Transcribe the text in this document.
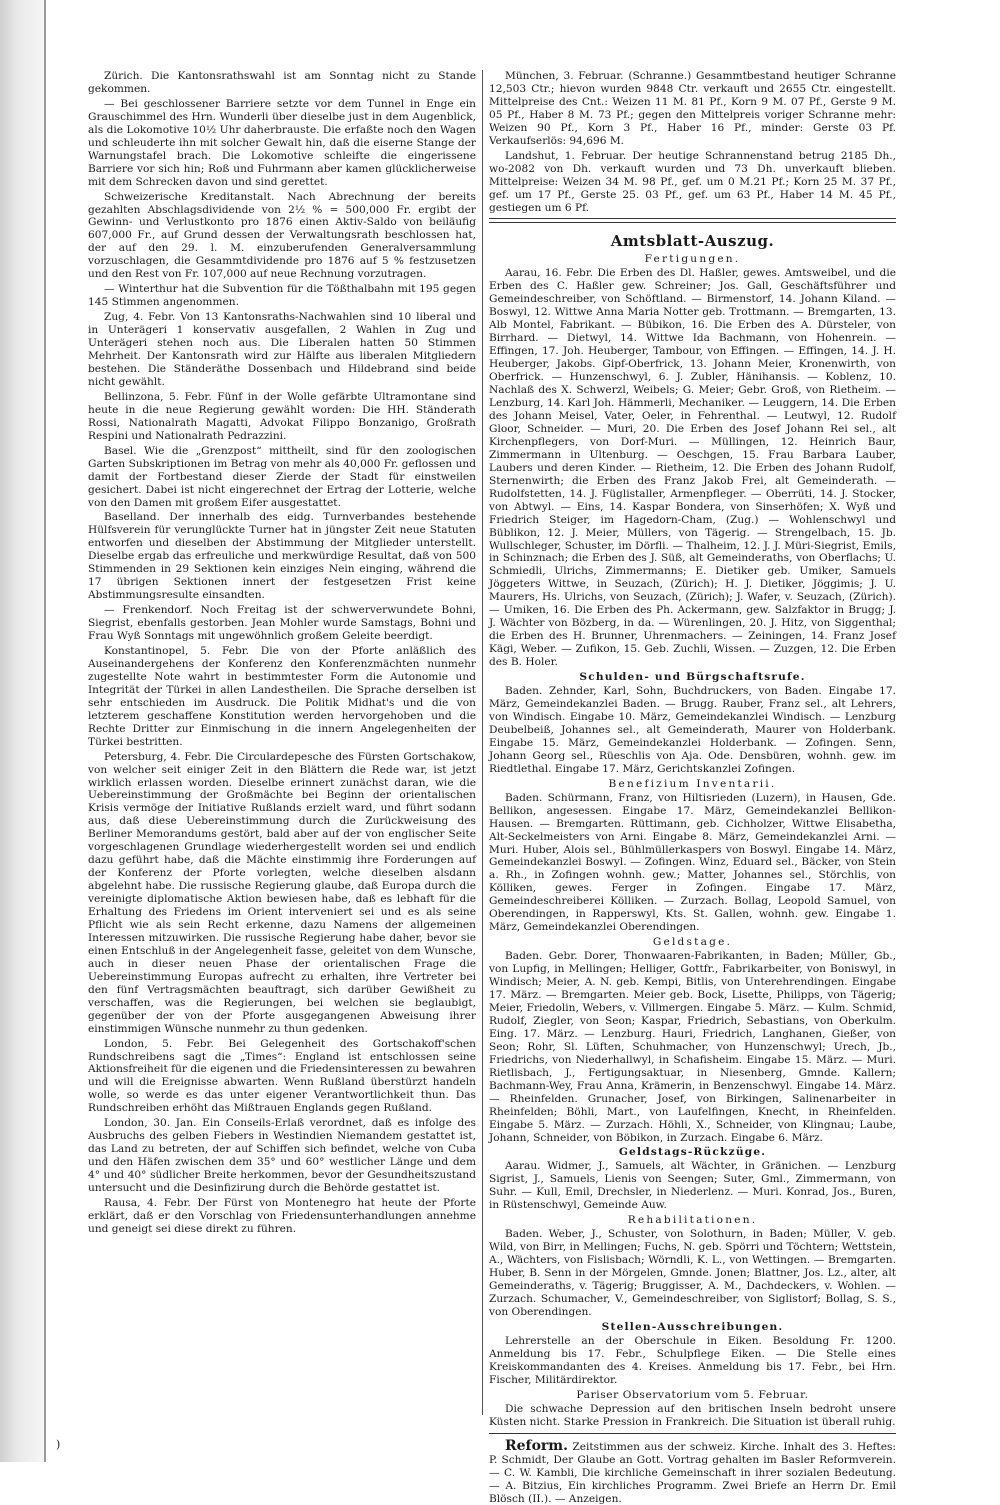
Zürich. Die Kantonsrathswahl ist am Sonntag nicht zu Stande gekommen.

— Bei geschlossener Barriere setzte vor dem Tunnel in Enge ein Grauschimmel des Hrn. Wunderli über dieselbe just in dem Augenblick, als die Lokomotive 10½ Uhr daherbrauste. Die erfaßte noch den Wagen und schleuderte ihn mit solcher Gewalt hin, daß die eiserne Stange der Warnungstafel brach. Die Lokomotive schleifte die eingerissene Barriere vor sich hin; Roß und Fuhrmann aber kamen glücklicherweise mit dem Schrecken davon und sind gerettet.

Schweizerische Kreditanstalt. Nach Abrechnung der bereits gezahlten Abschlagsdividende von 2½ % = 500,000 Fr. ergibt der Gewinn- und Verlustkonto pro 1876 einen Aktiv-Saldo von beiläufig 607,000 Fr., auf Grund dessen der Verwaltungsrath beschlossen hat, der auf den 29. l. M. einzuberufenden Generalversammlung vorzuschlagen, die Gesammtdividende pro 1876 auf 5 % festzusetzen und den Rest von Fr. 107,000 auf neue Rechnung vorzutragen.

— Winterthur hat die Subvention für die Tößthalbahn mit 195 gegen 145 Stimmen angenommen.

Zug, 4. Febr. Von 13 Kantonsraths-Nachwahlen sind 10 liberal und in Unterägeri 1 konservativ ausgefallen, 2 Wahlen in Zug und Unterägeri stehen noch aus. Die Liberalen hatten 50 Stimmen Mehrheit. Der Kantonsrath wird zur Hälfte aus liberalen Mitgliedern bestehen. Die Ständeräthe Dossenbach und Hildebrand sind beide nicht gewählt.

Bellinzona, 5. Febr. Fünf in der Wolle gefärbte Ultramontane sind heute in die neue Regierung gewählt worden: Die HH. Ständerath Rossi, Nationalrath Magatti, Advokat Filippo Bonzanigo, Großrath Respini und Nationalrath Pedrazzini.

Basel. Wie die „Grenzpost“ mittheilt, sind für den zoologischen Garten Subskriptionen im Betrag von mehr als 40,000 Fr. geflossen und damit der Fortbestand dieser Zierde der Stadt für einstweilen gesichert. Dabei ist nicht eingerechnet der Ertrag der Lotterie, welche von den Damen mit großem Eifer ausgestattet.

Baselland. Der innerhalb des eidg. Turnverbandes bestehende Hülfsverein für verunglückte Turner hat in jüngster Zeit neue Statuten entworfen und dieselben der Abstimmung der Mitglieder unterstellt. Dieselbe ergab das erfreuliche und merkwürdige Resultat, daß von 500 Stimmenden in 29 Sektionen kein einziges Nein einging, während die 17 übrigen Sektionen innert der festgesetzen Frist keine Abstimmungsresulte einsandten.

— Frenkendorf. Noch Freitag ist der schwerverwundete Bohni, Siegrist, ebenfalls gestorben. Jean Mohler wurde Samstags, Bohni und Frau Wyß Sonntags mit ungewöhnlich großem Geleite beerdigt.

Konstantinopel, 5. Febr. Die von der Pforte anläßlich des Auseinandergehens der Konferenz den Konferenzmächten nunmehr zugestellte Note wahrt in bestimmtester Form die Autonomie und Integrität der Türkei in allen Landestheilen. Die Sprache derselben ist sehr entschieden im Ausdruck. Die Politik Midhat's und die von letzterem geschaffene Konstitution werden hervorgehoben und die Rechte Dritter zur Einmischung in die innern Angelegenheiten der Türkei bestritten.

Petersburg, 4. Febr. Die Circulardepesche des Fürsten Gortschakow, von welcher seit einiger Zeit in den Blättern die Rede war, ist jetzt wirklich erlassen worden. Dieselbe erinnert zunächst daran, wie die Uebereinstimmung der Großmächte bei Beginn der orientalischen Krisis vermöge der Initiative Rußlands erzielt ward, und führt sodann aus, daß diese Uebereinstimmung durch die Zurückweisung des Berliner Memorandums gestört, bald aber auf der von englischer Seite vorgeschlagenen Grundlage wiederhergestellt worden sei und endlich dazu geführt habe, daß die Mächte einstimmig ihre Forderungen auf der Konferenz der Pforte vorlegten, welche dieselben alsdann abgelehnt habe. Die russische Regierung glaube, daß Europa durch die vereinigte diplomatische Aktion bewiesen habe, daß es lebhaft für die Erhaltung des Friedens im Orient interveniert sei und es als seine Pflicht wie als sein Recht erkenne, dazu Namens der allgemeinen Interessen mitzuwirken. Die russische Regierung habe daher, bevor sie einen Entschluß in der Angelegenheit fasse, geleitet von dem Wunsche, auch in dieser neuen Phase der orientalischen Frage die Uebereinstimmung Europas aufrecht zu erhalten, ihre Vertreter bei den fünf Vertragsmächten beauftragt, sich darüber Gewißheit zu verschaffen, was die Regierungen, bei welchen sie beglaubigt, gegenüber der von der Pforte ausgegangenen Abweisung ihrer einstimmigen Wünsche nunmehr zu thun gedenken.

London, 5. Febr. Bei Gelegenheit des Gortschakoff'schen Rundschreibens sagt die „Times“: England ist entschlossen seine Aktionsfreiheit für die eigenen und die Friedensinteressen zu bewahren und will die Ereignisse abwarten. Wenn Rußland überstürzt handeln wolle, so werde es das unter eigener Verantwortlichkeit thun. Das Rundschreiben erhöht das Mißtrauen Englands gegen Rußland.

London, 30. Jan. Ein Conseils-Erlaß verordnet, daß es infolge des Ausbruchs des gelben Fiebers in Westindien Niemandem gestattet ist, das Land zu betreten, der auf Schiffen sich befindet, welche von Cuba und den Häfen zwischen dem 35° und 60° westlicher Länge und dem 4° und 40° südlicher Breite herkommen, bevor der Gesundheitszustand untersucht und die Desinfizirung durch die Behörde gestattet ist.

Rausa, 4. Febr. Der Fürst von Montenegro hat heute der Pforte erklärt, daß er den Vorschlag von Friedensunterhandlungen annehme und geneigt sei diese direkt zu führen.

München, 3. Februar. (Schranne.) Gesammtbestand heutiger Schranne 12,503 Ctr.; hievon wurden 9848 Ctr. verkauft und 2655 Ctr. eingestellt. Mittelpreise des Cnt.: Weizen 11 M. 81 Pf., Korn 9 M. 07 Pf., Gerste 9 M. 05 Pf., Haber 8 M. 73 Pf.; gegen den Mittelpreis voriger Schranne mehr: Weizen 90 Pf., Korn 3 Pf., Haber 16 Pf., minder: Gerste 03 Pf. Verkaufserlös: 94,696 M.

Landshut, 1. Februar. Der heutige Schrannenstand betrug 2185 Dh., wo-2082 von Dh. verkauft wurden und 73 Dh. unverkauft blieben. Mittelpreise: Weizen 34 M. 98 Pf., gef. um 0 M.21 Pf.; Korn 25 M. 37 Pf., gef. um 17 Pf., Gerste 25. 03 Pf., gef. um 63 Pf., Haber 14 M. 45 Pf., gestiegen um 6 Pf.

Amtsblatt-Auszug.
Fertigungen.

Aarau, 16. Febr. Die Erben des Dl. Haßler, gewes. Amtsweibel, und die Erben des C. Haßler gew. Schreiner; Jos. Gall, Geschäftsführer und Gemeindeschreiber, von Schöftland. — Birmenstorf, 14. Johann Kiland. — Boswyl, 12. Wittwe Anna Maria Notter geb. Trottmann. — Bremgarten, 13. Alb Montel, Fabrikant. — Bübikon, 16. Die Erben des A. Dürsteler, von Birrhard. — Dietwyl, 14. Wittwe Ida Bachmann, von Hohenrein. — Effingen, 17. Joh. Heuberger, Tambour, von Effingen. — Effingen, 14. J. H. Heuberger, Jakobs. Gipf-Oberfrick, 13. Johann Meier, Kronenwirth, von Oberfrick. — Hunzenschwyl, 6. J. Zubler, Hänihansis. — Koblenz, 10. Nachlaß des X. Schwerzl, Weibels; G. Meier; Gebr. Groß, von Rietheim. — Lenzburg, 14. Karl Joh. Hämmerli, Mechaniker. — Leuggern, 14. Die Erben des Johann Meisel, Vater, Oeler, in Fehrenthal. — Leutwyl, 12. Rudolf Gloor, Schneider. — Muri, 20. Die Erben des Josef Johann Rei sel., alt Kirchenpflegers, von Dorf-Muri. — Müllingen, 12. Heinrich Baur, Zimmermann in Ultenburg. — Oeschgen, 15. Frau Barbara Lauber, Laubers und deren Kinder. — Rietheim, 12. Die Erben des Johann Rudolf, Sternenwirth; die Erben des Franz Jakob Frei, alt Gemeinderath. — Rudolfstetten, 14. J. Füglistaller, Armenpfleger. — Oberrüti, 14. J. Stocker, von Abtwyl. — Eins, 14. Kaspar Bondera, von Sinserhöfen; X. Wyß und Friedrich Steiger, im Hagedorn-Cham, (Zug.) — Wohlenschwyl und Büblikon, 12. J. Meier, Müllers, von Tägerig. — Strengelbach, 15. Jb. Wullschleger, Schuster, im Dörfli. — Thalheim, 12. J. J. Müri-Siegrist, Emils, in Schinznach; die Erben des J. Süß, alt Gemeinderaths, von Oberflachs; U. Schmiedli, Ulrichs, Zimmermanns; E. Dietiker geb. Umiker, Samuels Jöggeters Wittwe, in Seuzach, (Zürich); H. J. Dietiker, Jöggimis; J. U. Maurers, Hs. Ulrichs, von Seuzach, (Zürich); J. Wafer, v. Seuzach, (Zürich). — Umiken, 16. Die Erben des Ph. Ackermann, gew. Salzfaktor in Brugg; J. J. Wächter von Bözberg, in da. — Würenlingen, 20. J. Hitz, von Siggenthal; die Erben des H. Brunner, Uhrenmachers. — Zeiningen, 14. Franz Josef Kägi, Weber. — Zufikon, 15. Geb. Zuchli, Wissen. — Zuzgen, 12. Die Erben des B. Holer.

Schulden- und Bürgschaftsrufe.

Baden. Zehnder, Karl, Sohn, Buchdruckers, von Baden. Eingabe 17. März, Gemeindekanzlei Baden. — Brugg. Rauber, Franz sel., alt Lehrers, von Windisch. Eingabe 10. März, Gemeindekanzlei Windisch. — Lenzburg Deubelbeiß, Johannes sel., alt Gemeinderath, Maurer von Holderbank. Eingabe 15. März, Gemeindekanzlei Holderbank. — Zofingen. Senn, Johann Georg sel., Rüeschlis von Aja. Ode. Densbüren, wohnh. gew. im Riedtlethal. Eingabe 17. März, Gerichtskanzlei Zofingen.

Benefizium Inventarii.

Baden. Schürmann, Franz, von Hiltisrieden (Luzern), in Hausen, Gde. Bellikon, angesessen. Eingabe 17. März, Gemeindekanzlei Bellikon-Hausen. — Bremgarten. Rüttimann, geb. Cichholzer, Wittwe Elisabetha, Alt-Seckelmeisters von Arni. Eingabe 8. März, Gemeindekanzlei Arni. — Muri. Huber, Alois sel., Bühlmüllerkaspers von Boswyl. Eingabe 14. März, Gemeindekanzlei Boswyl. — Zofingen. Winz, Eduard sel., Bäcker, von Stein a. Rh., in Zofingen wohnh. gew.; Matter, Johannes sel., Störchlis, von Kölliken, gewes. Ferger in Zofingen. Eingabe 17. März, Gemeindeschreiberei Kölliken. — Zurzach. Bollag, Leopold Samuel, von Oberendingen, in Rapperswyl, Kts. St. Gallen, wohnh. gew. Eingabe 1. März, Gemeindekanzlei Oberendingen.

Geldstage.

Baden. Gebr. Dorer, Thonwaaren-Fabrikanten, in Baden; Müller, Gb., von Lupfig, in Mellingen; Helliger, Gottfr., Fabrikarbeiter, von Boniswyl, in Windisch; Meier, A. N. geb. Kempi, Bitlis, von Unterehrendingen. Eingabe 17. März. — Bremgarten. Meier geb. Bock, Lisette, Philipps, von Tägerig; Meier, Friedolin, Webers, v. Villmergen. Eingabe 5. März. — Kulm. Schmid, Rudolf, Ziegler, von Seon; Kaspar, Friedrich, Sebastians, von Oberkulm. Eing. 17. März. — Lenzburg. Hauri, Friedrich, Langhanen, Gießer, von Seon; Rohr, Sl. Lüften, Schuhmacher, von Hunzenschwyl; Urech, Jb., Friedrichs, von Niederhallwyl, in Schafisheim. Eingabe 15. März. — Muri. Rietlisbach, J., Fertigungsaktuar, in Niesenberg, Gmnde. Kallern; Bachmann-Wey, Frau Anna, Krämerin, in Benzenschwyl. Eingabe 14. März. — Rheinfelden. Grunacher, Josef, von Birkingen, Salinenarbeiter in Rheinfelden; Böhli, Mart., von Laufelfingen, Knecht, in Rheinfelden. Eingabe 5. März. — Zurzach. Höhli, X., Schneider, von Klingnau; Laube, Johann, Schneider, von Böbikon, in Zurzach. Eingabe 6. März.

Geldstags-Rückzüge.

Aarau. Widmer, J., Samuels, alt Wächter, in Gränichen. — Lenzburg Sigrist, J., Samuels, Lienis von Seengen; Suter, Gml., Zimmermann, von Suhr. — Kull, Emil, Drechsler, in Niederlenz. — Muri. Konrad, Jos., Buren, in Rüstenschwyl, Gemeinde Auw.

Rehabilitationen.

Baden. Weber, J., Schuster, von Solothurn, in Baden; Müller, V. geb. Wild, von Birr, in Mellingen; Fuchs, N. geb. Spörri und Töchtern; Wettstein, A., Wächters, von Fislisbach; Wörndli, K. L., von Wettingen. — Bremgarten. Huber, B. Senn in der Mörgelen, Gmnde. Jonen; Blattner, Jos. Lz., alter, alt Gemeinderaths, v. Tägerig; Bruggisser, A. M., Dachdeckers, v. Wohlen. — Zurzach. Schumacher, V., Gemeindeschreiber, von Siglistorf; Bollag, S. S., von Oberendingen.

Stellen-Ausschreibungen.

Lehrerstelle an der Oberschule in Eiken. Besoldung Fr. 1200. Anmeldung bis 17. Febr., Schulpflege Eiken. — Die Stelle eines Kreiskommandanten des 4. Kreises. Anmeldung bis 17. Febr., bei Hrn. Fischer, Militärdirektor.

Pariser Observatorium vom 5. Februar.

Die schwache Depression auf den britischen Inseln bedroht unsere Küsten nicht. Starke Pression in Frankreich. Die Situation ist überall ruhig.

Reform. Zeitstimmen aus der schweiz. Kirche. Inhalt des 3. Heftes: P. Schmidt, Der Glaube an Gott. Vortrag gehalten im Basler Reformverein. — C. W. Kambli, Die kirchliche Gemeinschaft in ihrer sozialen Bedeutung. — A. Bitzius, Ein kirchliches Programm. Zwei Briefe an Herrn Dr. Emil Blösch (II.). — Anzeigen.

)
